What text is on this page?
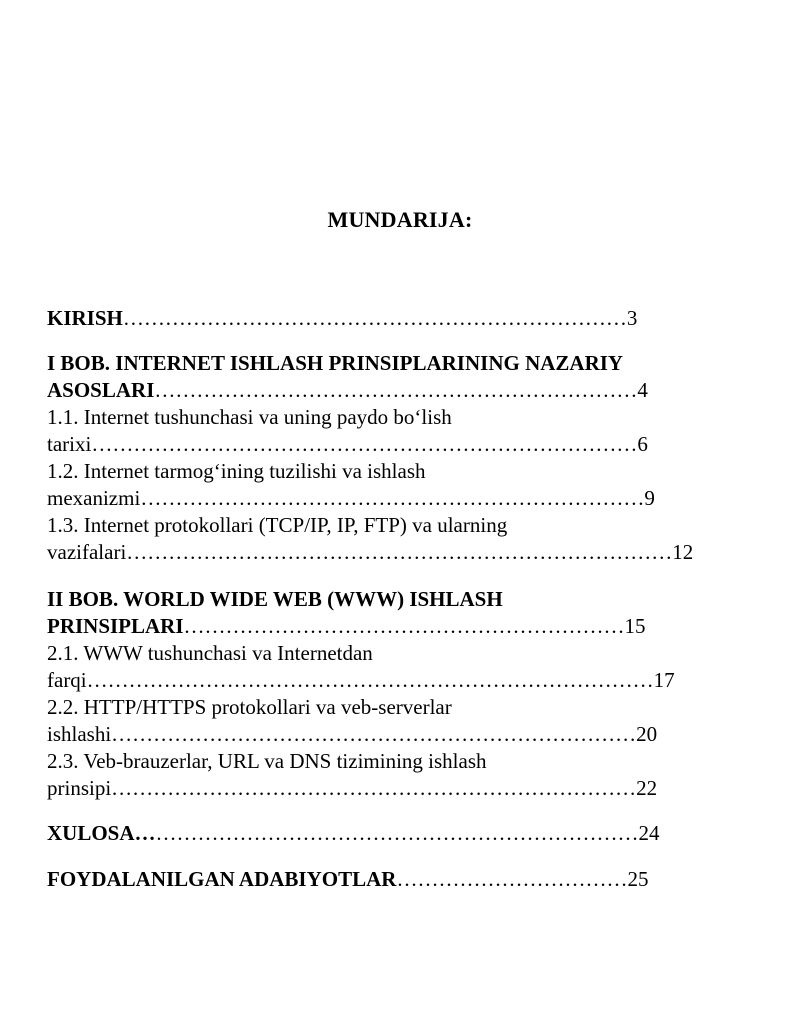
MUNDARIJA:
KIRISH………………………………………………………………3
I BOB. INTERNET ISHLASH PRINSIPLARINING NAZARIY
ASOSLARI……………………………………………………………4
1.1. Internet tushunchasi va uning paydo boʻlish
tarixi……………………………………………………………………6
1.2. Internet tarmogʻining tuzilishi va ishlash
mexanizmi………………………………………………………………9
1.3. Internet protokollari (TCP/IP, IP, FTP) va ularning
vazifalari……………………………………………………………………12
II BOB. WORLD WIDE WEB (WWW) ISHLASH
PRINSIPLARI………………………………………………………15
2.1. WWW tushunchasi va Internetdan
farqi………………………………………………………………………17
2.2. HTTP/HTTPS protokollari va veb-serverlar
ishlashi…………………………………………………………………20
2.3. Veb-brauzerlar, URL va DNS tizimining ishlash
prinsipi…………………………………………………………………22
XULOSA………………………………………………………………24
FOYDALANILGAN ADABIYOTLAR……………………………25
